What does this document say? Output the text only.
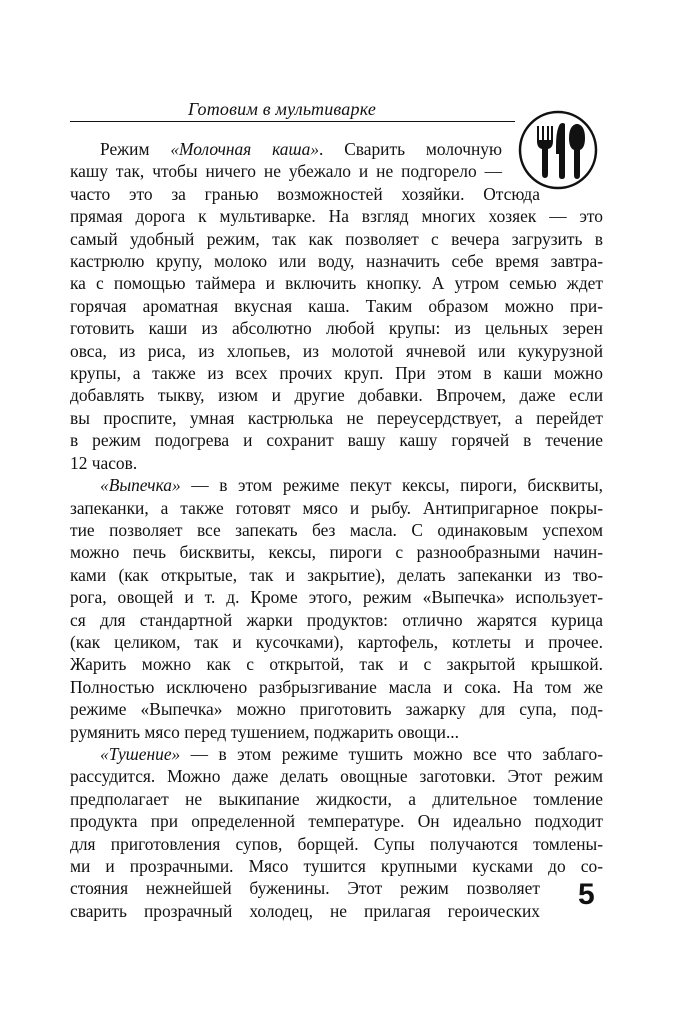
Готовим в мультиварке

Режим «Молочная каша». Сварить молочную
кашу так, чтобы ничего не убежало и не подгорело —
часто это за гранью возможностей хозяйки. Отсюда
прямая дорога к мультиварке. На взгляд многих хозяек — это
самый удобный режим, так как позволяет с вечера загрузить в
кастрюлю крупу, молоко или воду, назначить себе время завтра-
ка с помощью таймера и включить кнопку. А утром семью ждет
горячая ароматная вкусная каша. Таким образом можно при-
готовить каши из абсолютно любой крупы: из цельных зерен
овса, из риса, из хлопьев, из молотой ячневой или кукурузной
крупы, а также из всех прочих круп. При этом в каши можно
добавлять тыкву, изюм и другие добавки. Впрочем, даже если
вы проспите, умная кастрюлька не переусердствует, а перейдет
в режим подогрева и сохранит вашу кашу горячей в течение
12 часов.

«Выпечка» — в этом режиме пекут кексы, пироги, бисквиты,
запеканки, а также готовят мясо и рыбу. Антипригарное покры-
тие позволяет все запекать без масла. С одинаковым успехом
можно печь бисквиты, кексы, пироги с разнообразными начин-
ками (как открытые, так и закрытие), делать запеканки из тво-
рога, овощей и т. д. Кроме этого, режим «Выпечка» использует-
ся для стандартной жарки продуктов: отлично жарятся курица
(как целиком, так и кусочками), картофель, котлеты и прочее.
Жарить можно как с открытой, так и с закрытой крышкой.
Полностью исключено разбрызгивание масла и сока. На том же
режиме «Выпечка» можно приготовить зажарку для супа, под-
румянить мясо перед тушением, поджарить овощи...

«Тушение» — в этом режиме тушить можно все что заблаго-
рассудится. Можно даже делать овощные заготовки. Этот режим
предполагает не выкипание жидкости, а длительное томление
продукта при определенной температуре. Он идеально подходит
для приготовления супов, борщей. Супы получаются томлены-
ми и прозрачными. Мясо тушится крупными кусками до со-
стояния нежнейшей буженины. Этот режим позволяет
сварить прозрачный холодец, не прилагая героических 5
